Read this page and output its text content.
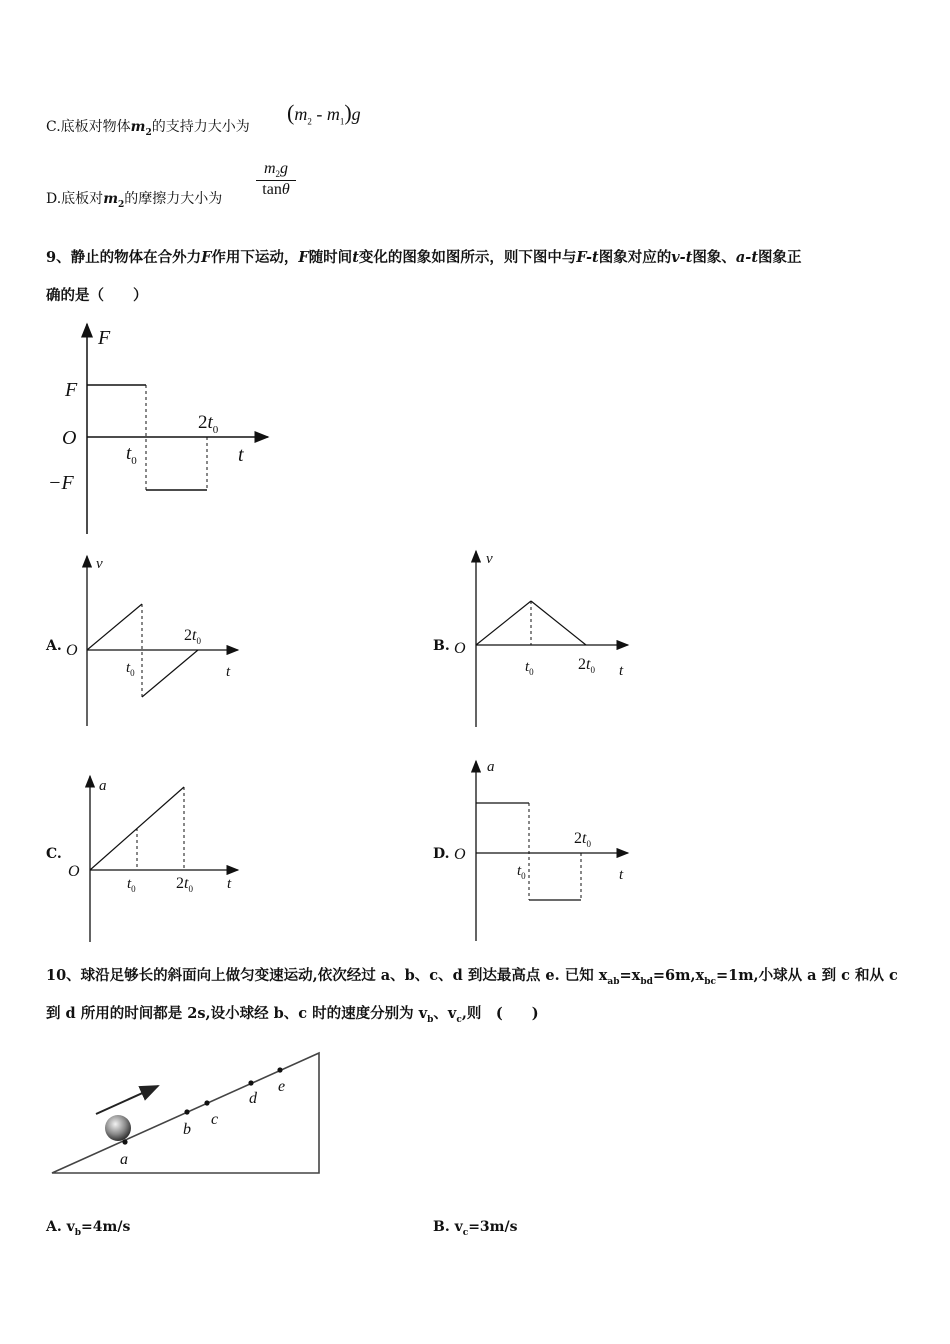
C.底板对物体$m_2$的支持力大小为
$(m_2 - m_1)g$
D.底板对$m_2$的摩擦力大小为 $\frac{m_2g}{\tan\theta}$
9、静止的物体在合外力F作用下运动，F随时间t变化的图象如图所示，则下图中与F-t图象对应的v-t图象、a-t图象正
确的是（　　）
F
F
O
−F
$t_0$
$2t_0$
t
A.
v
O
$t_0$
$2t_0$
t
B.
v
O
$t_0$	$2t_0$ t
C.
a
O
$t_0$	$2t_0$ t
D.
a
O
$t_0$
$2t_0$
t
10、球沿足够长的斜面向上做匀变速运动,依次经过 a、b、c、d 到达最高点 e. 已知 $x_{ab}=x_{bd}=6m,x_{bc}=1m$,小球从 a 到 c 和从 c
到 d 所用的时间都是 2s,设小球经 b、c 时的速度分别为 $v_b$、$v_c$,则　(　　)
a
b
c
d
e
A. $v_b=4m/s$	B. $v_c=3m/s$
